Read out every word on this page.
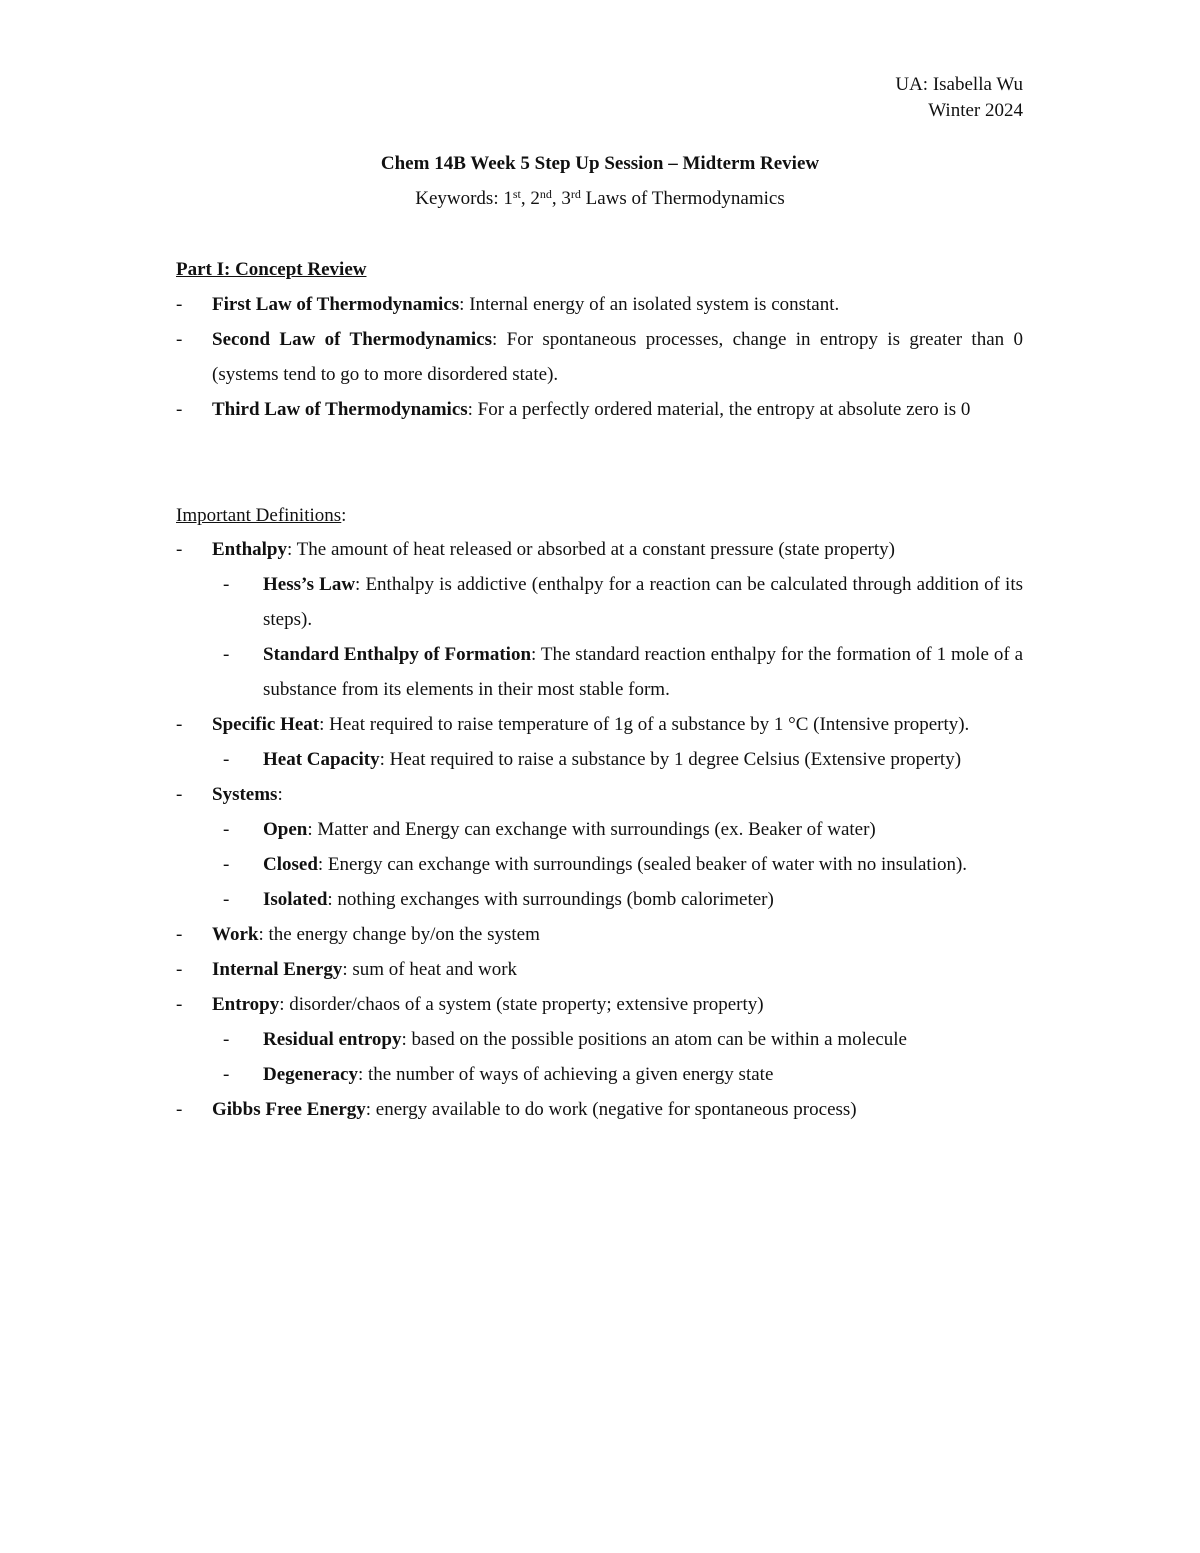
UA: Isabella Wu
Winter 2024
Chem 14B Week 5 Step Up Session – Midterm Review
Keywords: 1st, 2nd, 3rd Laws of Thermodynamics
Part I: Concept Review
- First Law of Thermodynamics: Internal energy of an isolated system is constant.
- Second Law of Thermodynamics: For spontaneous processes, change in entropy is greater than 0 (systems tend to go to more disordered state).
- Third Law of Thermodynamics: For a perfectly ordered material, the entropy at absolute zero is 0
Important Definitions:
- Enthalpy: The amount of heat released or absorbed at a constant pressure (state property)
- Hess’s Law: Enthalpy is addictive (enthalpy for a reaction can be calculated through addition of its steps).
- Standard Enthalpy of Formation: The standard reaction enthalpy for the formation of 1 mole of a substance from its elements in their most stable form.
- Specific Heat: Heat required to raise temperature of 1g of a substance by 1 °C (Intensive property).
- Heat Capacity: Heat required to raise a substance by 1 degree Celsius (Extensive property)
- Systems:
- Open: Matter and Energy can exchange with surroundings (ex. Beaker of water)
- Closed: Energy can exchange with surroundings (sealed beaker of water with no insulation).
- Isolated: nothing exchanges with surroundings (bomb calorimeter)
- Work: the energy change by/on the system
- Internal Energy: sum of heat and work
- Entropy: disorder/chaos of a system (state property; extensive property)
- Residual entropy: based on the possible positions an atom can be within a molecule
- Degeneracy: the number of ways of achieving a given energy state
- Gibbs Free Energy: energy available to do work (negative for spontaneous process)
